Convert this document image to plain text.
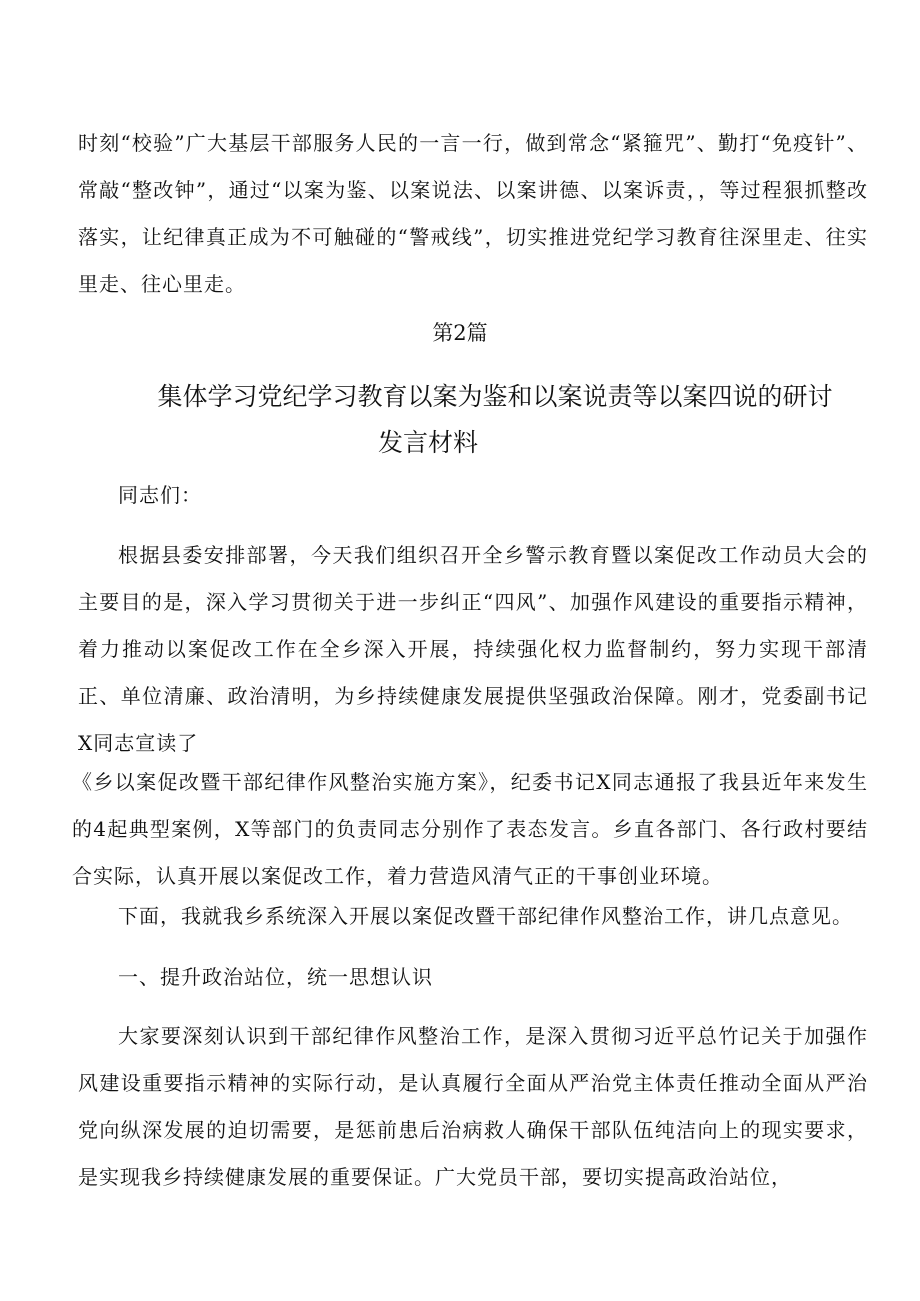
时刻“校验”广大基层干部服务人民的一言一行，做到常念“紧箍咒”、勤打“免疫针”、常敲“整改钟”，通过“以案为鉴、以案说法、以案讲德、以案诉责，，等过程狠抓整改落实，让纪律真正成为不可触碰的“警戒线”，切实推进党纪学习教育往深里走、往实里走、往心里走。
第2篇
集体学习党纪学习教育以案为鉴和以案说责等以案四说的研讨
发言材料
同志们：
根据县委安排部署，今天我们组织召开全乡警示教育暨以案促改工作动员大会的主要目的是，深入学习贯彻关于进一步纠正“四风”、加强作风建设的重要指示精神，着力推动以案促改工作在全乡深入开展，持续强化权力监督制约，努力实现干部清正、单位清廉、政治清明，为乡持续健康发展提供坚强政治保障。刚才，党委副书记X同志宣读了
《乡以案促改暨干部纪律作风整治实施方案》，纪委书记X同志通报了我县近年来发生的4起典型案例，X等部门的负责同志分别作了表态发言。乡直各部门、各行政村要结合实际，认真开展以案促改工作，着力营造风清气正的干事创业环境。
下面，我就我乡系统深入开展以案促改暨干部纪律作风整治工作，讲几点意见。
一、提升政治站位，统一思想认识
大家要深刻认识到干部纪律作风整治工作，是深入贯彻习近平总竹记关于加强作风建设重要指示精神的实际行动，是认真履行全面从严治党主体责任推动全面从严治党向纵深发展的迫切需要，是惩前患后治病救人确保干部队伍纯洁向上的现实要求，是实现我乡持续健康发展的重要保证。广大党员干部，要切实提高政治站位，
